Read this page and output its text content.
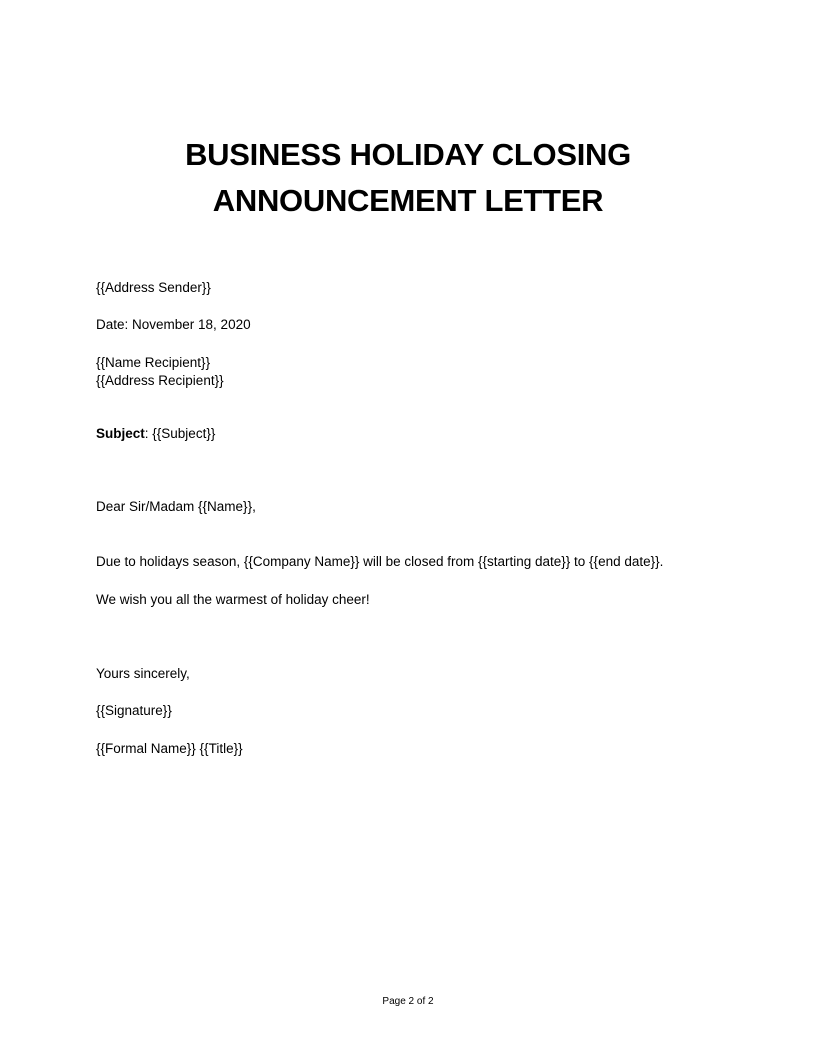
BUSINESS HOLIDAY CLOSING
ANNOUNCEMENT LETTER
{{Address Sender}}
Date: November 18, 2020
{{Name Recipient}}
{{Address Recipient}}
Subject: {{Subject}}
Dear Sir/Madam {{Name}},
Due to holidays season, {{Company Name}} will be closed from {{starting date}} to {{end date}}.
We wish you all the warmest of holiday cheer!
Yours sincerely,
{{Signature}}
{{Formal Name}} {{Title}}
Page 2 of 2
